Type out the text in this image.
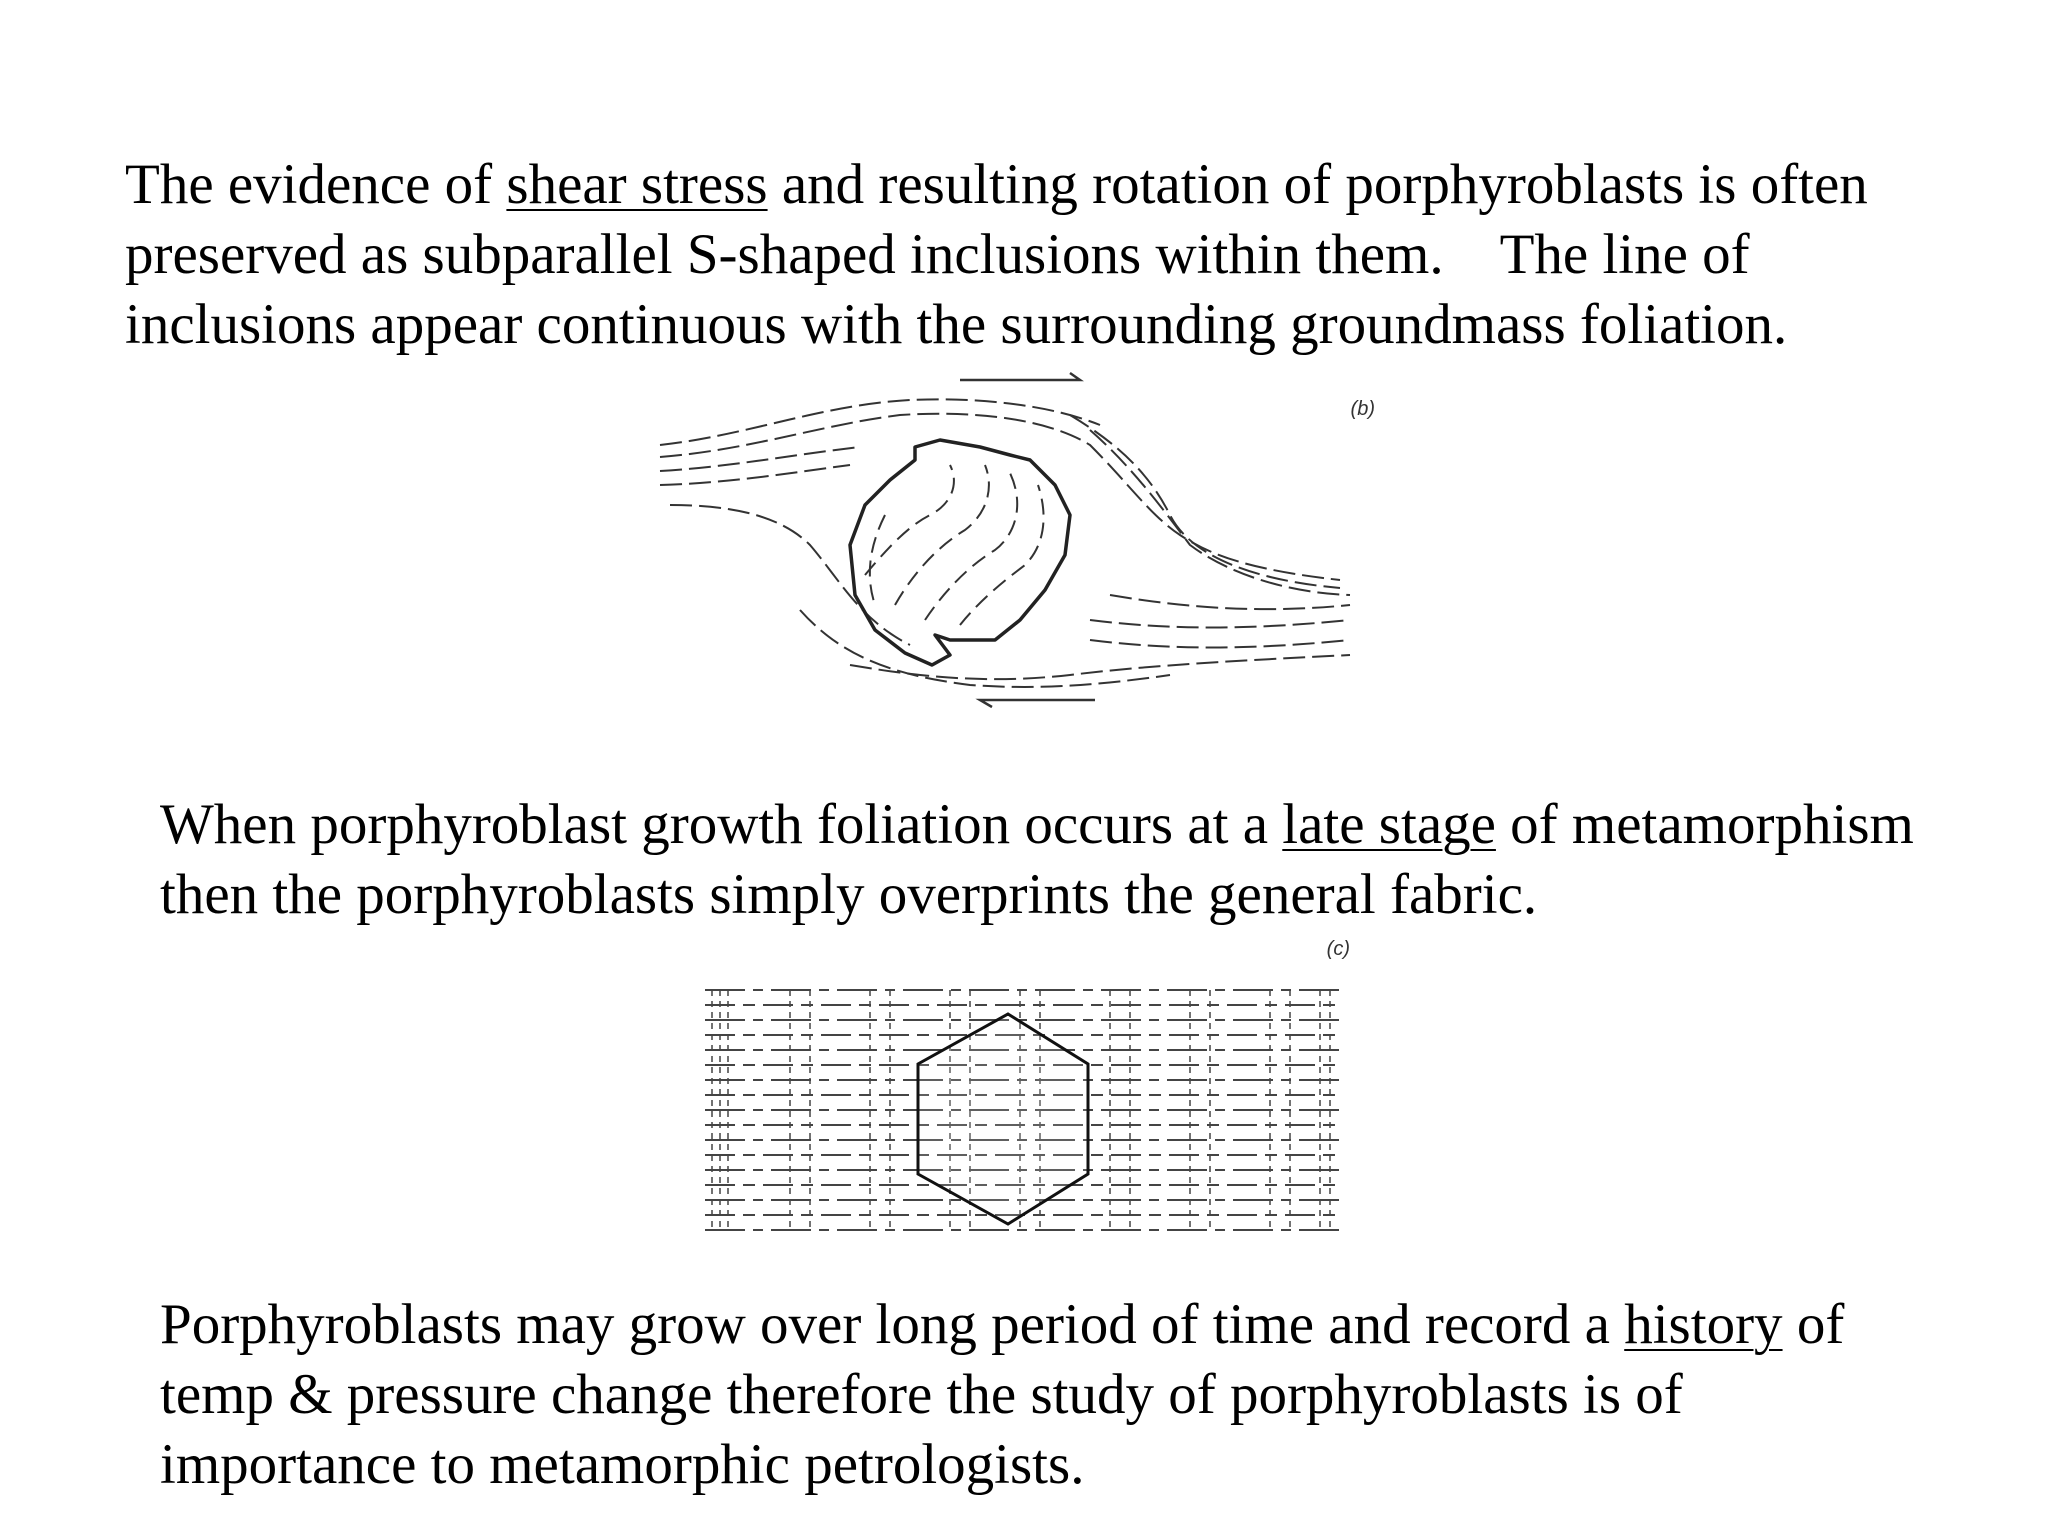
The evidence of shear stress and resulting rotation of porphyroblasts is often
preserved as subparallel S-shaped inclusions within them.    The line of
inclusions appear continuous with the surrounding groundmass foliation.

(b)

When porphyroblast growth foliation occurs at a late stage of metamorphism
then the porphyroblasts simply overprints the general fabric.

(c)

Porphyroblasts may grow over long period of time and record a history of
temp & pressure change therefore the study of porphyroblasts is of
importance to metamorphic petrologists.
